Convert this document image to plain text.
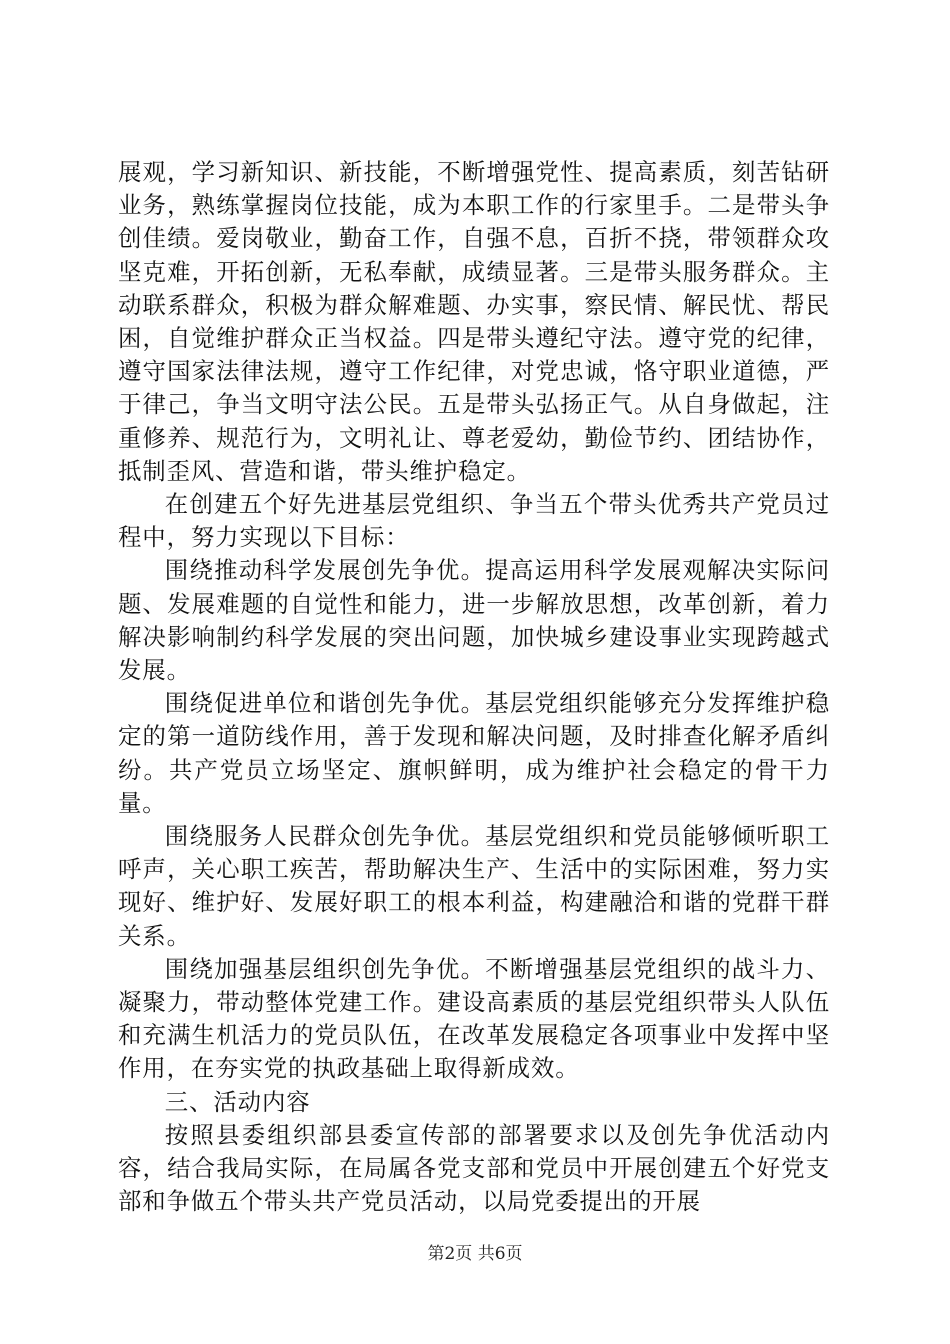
展观，学习新知识、新技能，不断增强党性、提高素质，刻苦钻研业务，熟练掌握岗位技能，成为本职工作的行家里手。二是带头争创佳绩。爱岗敬业，勤奋工作，自强不息，百折不挠，带领群众攻坚克难，开拓创新，无私奉献，成绩显著。三是带头服务群众。主动联系群众，积极为群众解难题、办实事，察民情、解民忧、帮民困，自觉维护群众正当权益。四是带头遵纪守法。遵守党的纪律，遵守国家法律法规，遵守工作纪律，对党忠诚，恪守职业道德，严于律己，争当文明守法公民。五是带头弘扬正气。从自身做起，注重修养、规范行为，文明礼让、尊老爱幼，勤俭节约、团结协作，抵制歪风、营造和谐，带头维护稳定。

在创建五个好先进基层党组织、争当五个带头优秀共产党员过程中，努力实现以下目标：

围绕推动科学发展创先争优。提高运用科学发展观解决实际问题、发展难题的自觉性和能力，进一步解放思想，改革创新，着力解决影响制约科学发展的突出问题，加快城乡建设事业实现跨越式发展。

围绕促进单位和谐创先争优。基层党组织能够充分发挥维护稳定的第一道防线作用，善于发现和解决问题，及时排查化解矛盾纠纷。共产党员立场坚定、旗帜鲜明，成为维护社会稳定的骨干力量。

围绕服务人民群众创先争优。基层党组织和党员能够倾听职工呼声，关心职工疾苦，帮助解决生产、生活中的实际困难，努力实现好、维护好、发展好职工的根本利益，构建融洽和谐的党群干群关系。

围绕加强基层组织创先争优。不断增强基层党组织的战斗力、凝聚力，带动整体党建工作。建设高素质的基层党组织带头人队伍和充满生机活力的党员队伍，在改革发展稳定各项事业中发挥中坚作用，在夯实党的执政基础上取得新成效。

三、活动内容

按照县委组织部县委宣传部的部署要求以及创先争优活动内容，结合我局实际，在局属各党支部和党员中开展创建五个好党支部和争做五个带头共产党员活动，以局党委提出的开展

第2页 共6页
